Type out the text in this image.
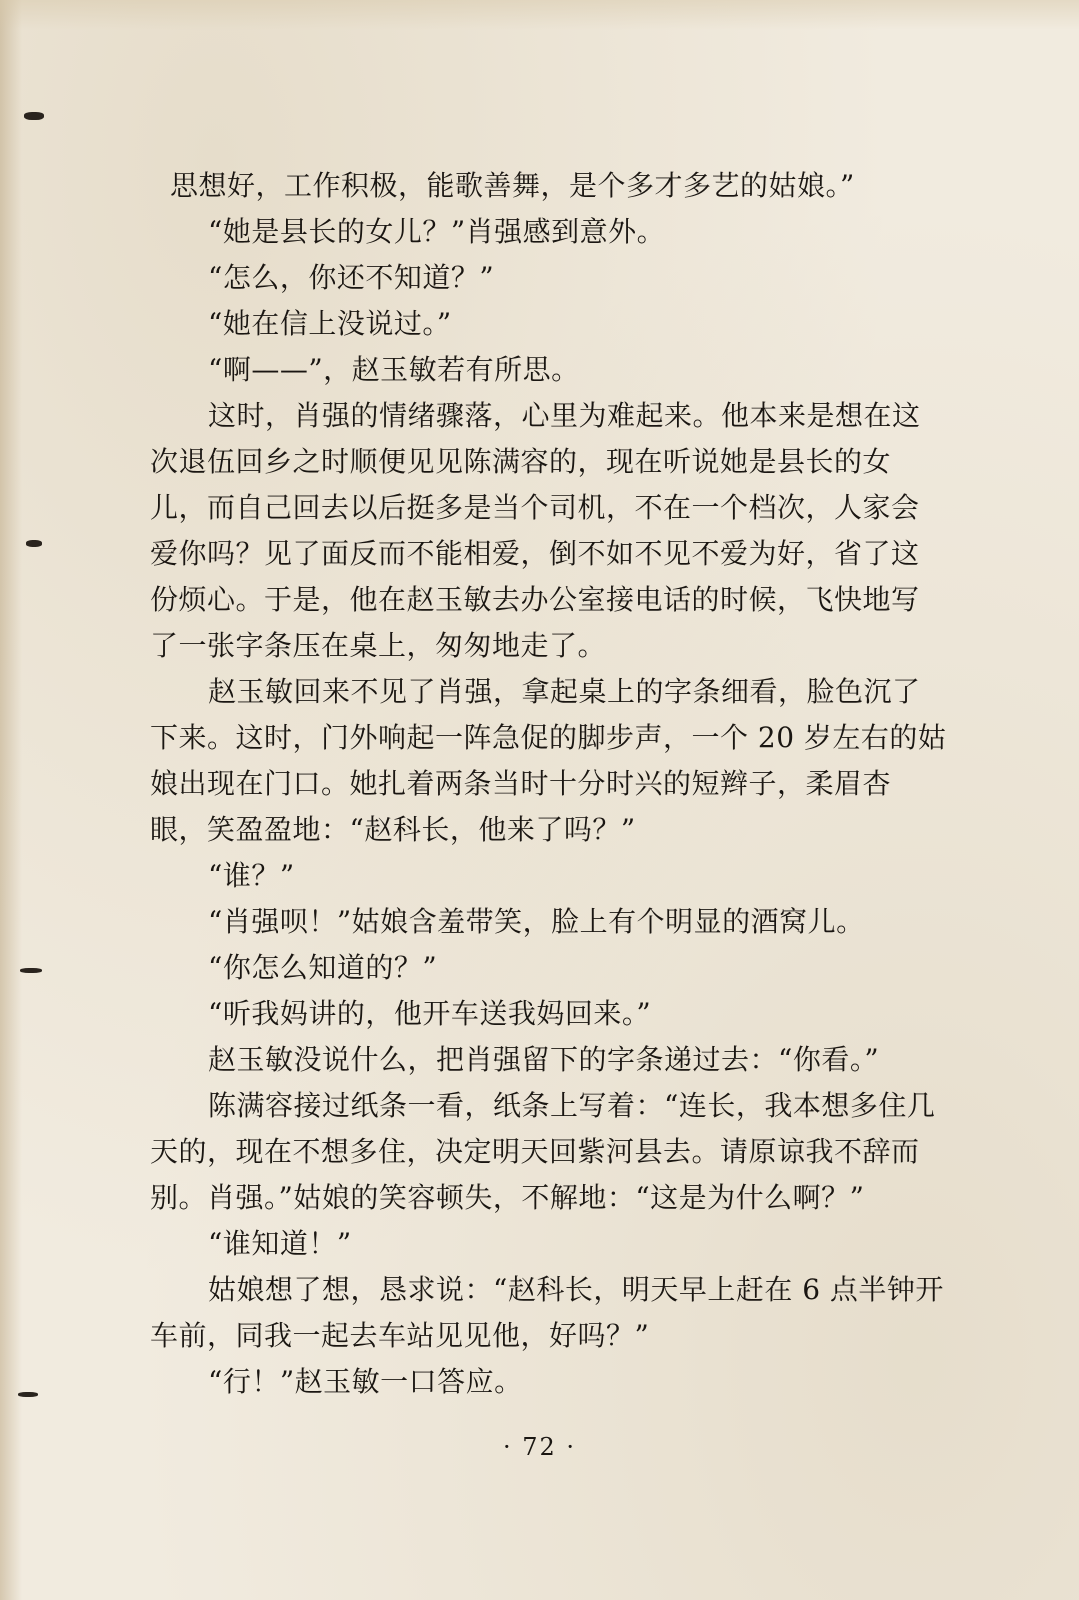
思想好，工作积极，能歌善舞，是个多才多艺的姑娘。”
“她是县长的女儿？”肖强感到意外。
“怎么，你还不知道？”
“她在信上没说过。”
“啊——”，赵玉敏若有所思。
这时，肖强的情绪骤落，心里为难起来。他本来是想在这
次退伍回乡之时顺便见见陈满容的，现在听说她是县长的女
儿，而自己回去以后挺多是当个司机，不在一个档次，人家会
爱你吗？见了面反而不能相爱，倒不如不见不爱为好，省了这
份烦心。于是，他在赵玉敏去办公室接电话的时候，飞快地写
了一张字条压在桌上，匆匆地走了。
赵玉敏回来不见了肖强，拿起桌上的字条细看，脸色沉了
下来。这时，门外响起一阵急促的脚步声，一个 20 岁左右的姑
娘出现在门口。她扎着两条当时十分时兴的短辫子，柔眉杏
眼，笑盈盈地：“赵科长，他来了吗？”
“谁？”
“肖强呗！”姑娘含羞带笑，脸上有个明显的酒窝儿。
“你怎么知道的？”
“听我妈讲的，他开车送我妈回来。”
赵玉敏没说什么，把肖强留下的字条递过去：“你看。”
陈满容接过纸条一看，纸条上写着：“连长，我本想多住几
天的，现在不想多住，决定明天回紫河县去。请原谅我不辞而
别。肖强。”姑娘的笑容顿失，不解地：“这是为什么啊？”
“谁知道！”
姑娘想了想，恳求说：“赵科长，明天早上赶在 6 点半钟开
车前，同我一起去车站见见他，好吗？”
“行！”赵玉敏一口答应。
· 72 ·
